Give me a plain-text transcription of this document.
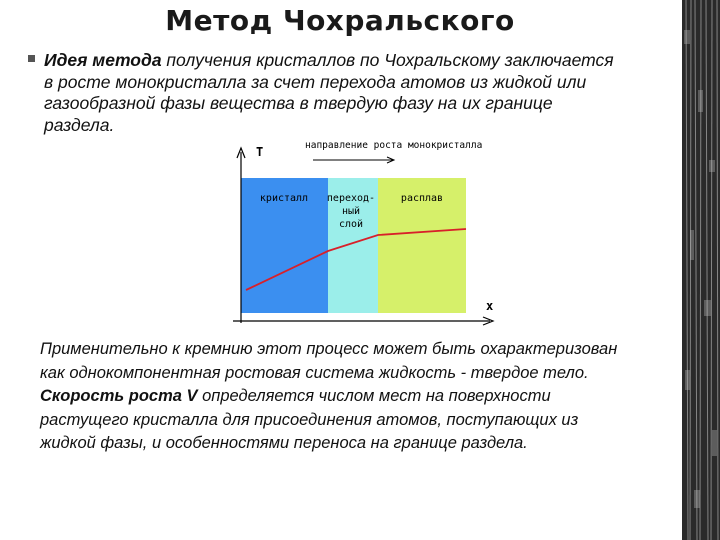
Метод Чохральского
Идея метода получения кристаллов по Чохральскому заключается в росте монокристалла за счет перехода атомов из жидкой или газообразной фазы вещества в твердую фазу на их границе раздела.
направление роста монокристалла
T
x
кристалл переход-
ный
слой
расплав

Применительно к кремнию этот процесс может быть охарактеризован как однокомпонентная ростовая система жидкость - твердое тело.

Скорость роста V определяется числом мест на поверхности растущего кристалла для присоединения атомов, поступающих из жидкой фазы, и особенностями переноса на границе раздела.
